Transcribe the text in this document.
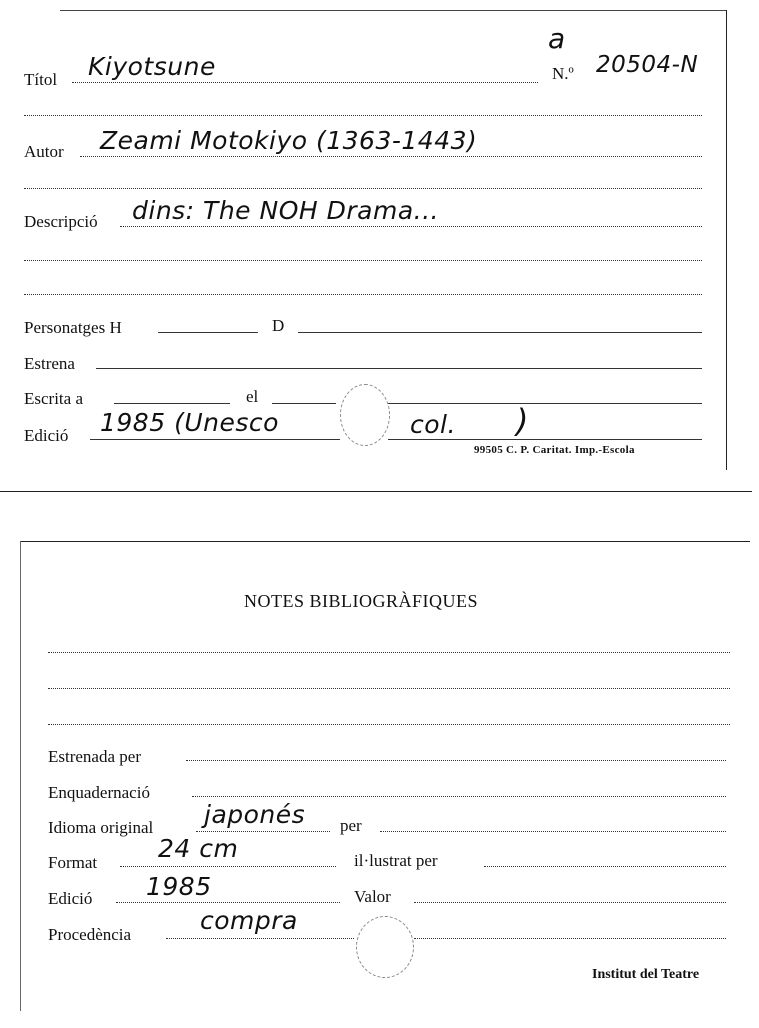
a
Títol Kiyotsune	N.º 20504-N
Autor Zeami Motokiyo (1363-1443)
Descripció dins: The NOH Drama...
Personatges H	D
Estrena
Escrita a	el
Edició 1985 (Unesco	col. )
99505 C. P. Caritat. Imp.-Escola
NOTES BIBLIOGRÀFIQUES
Estrenada per
Enquadernació
Idioma original japonés per
Format 24 cm	il·lustrat per
Edició 1985	Valor
Procedència	compra
Institut del Teatre
